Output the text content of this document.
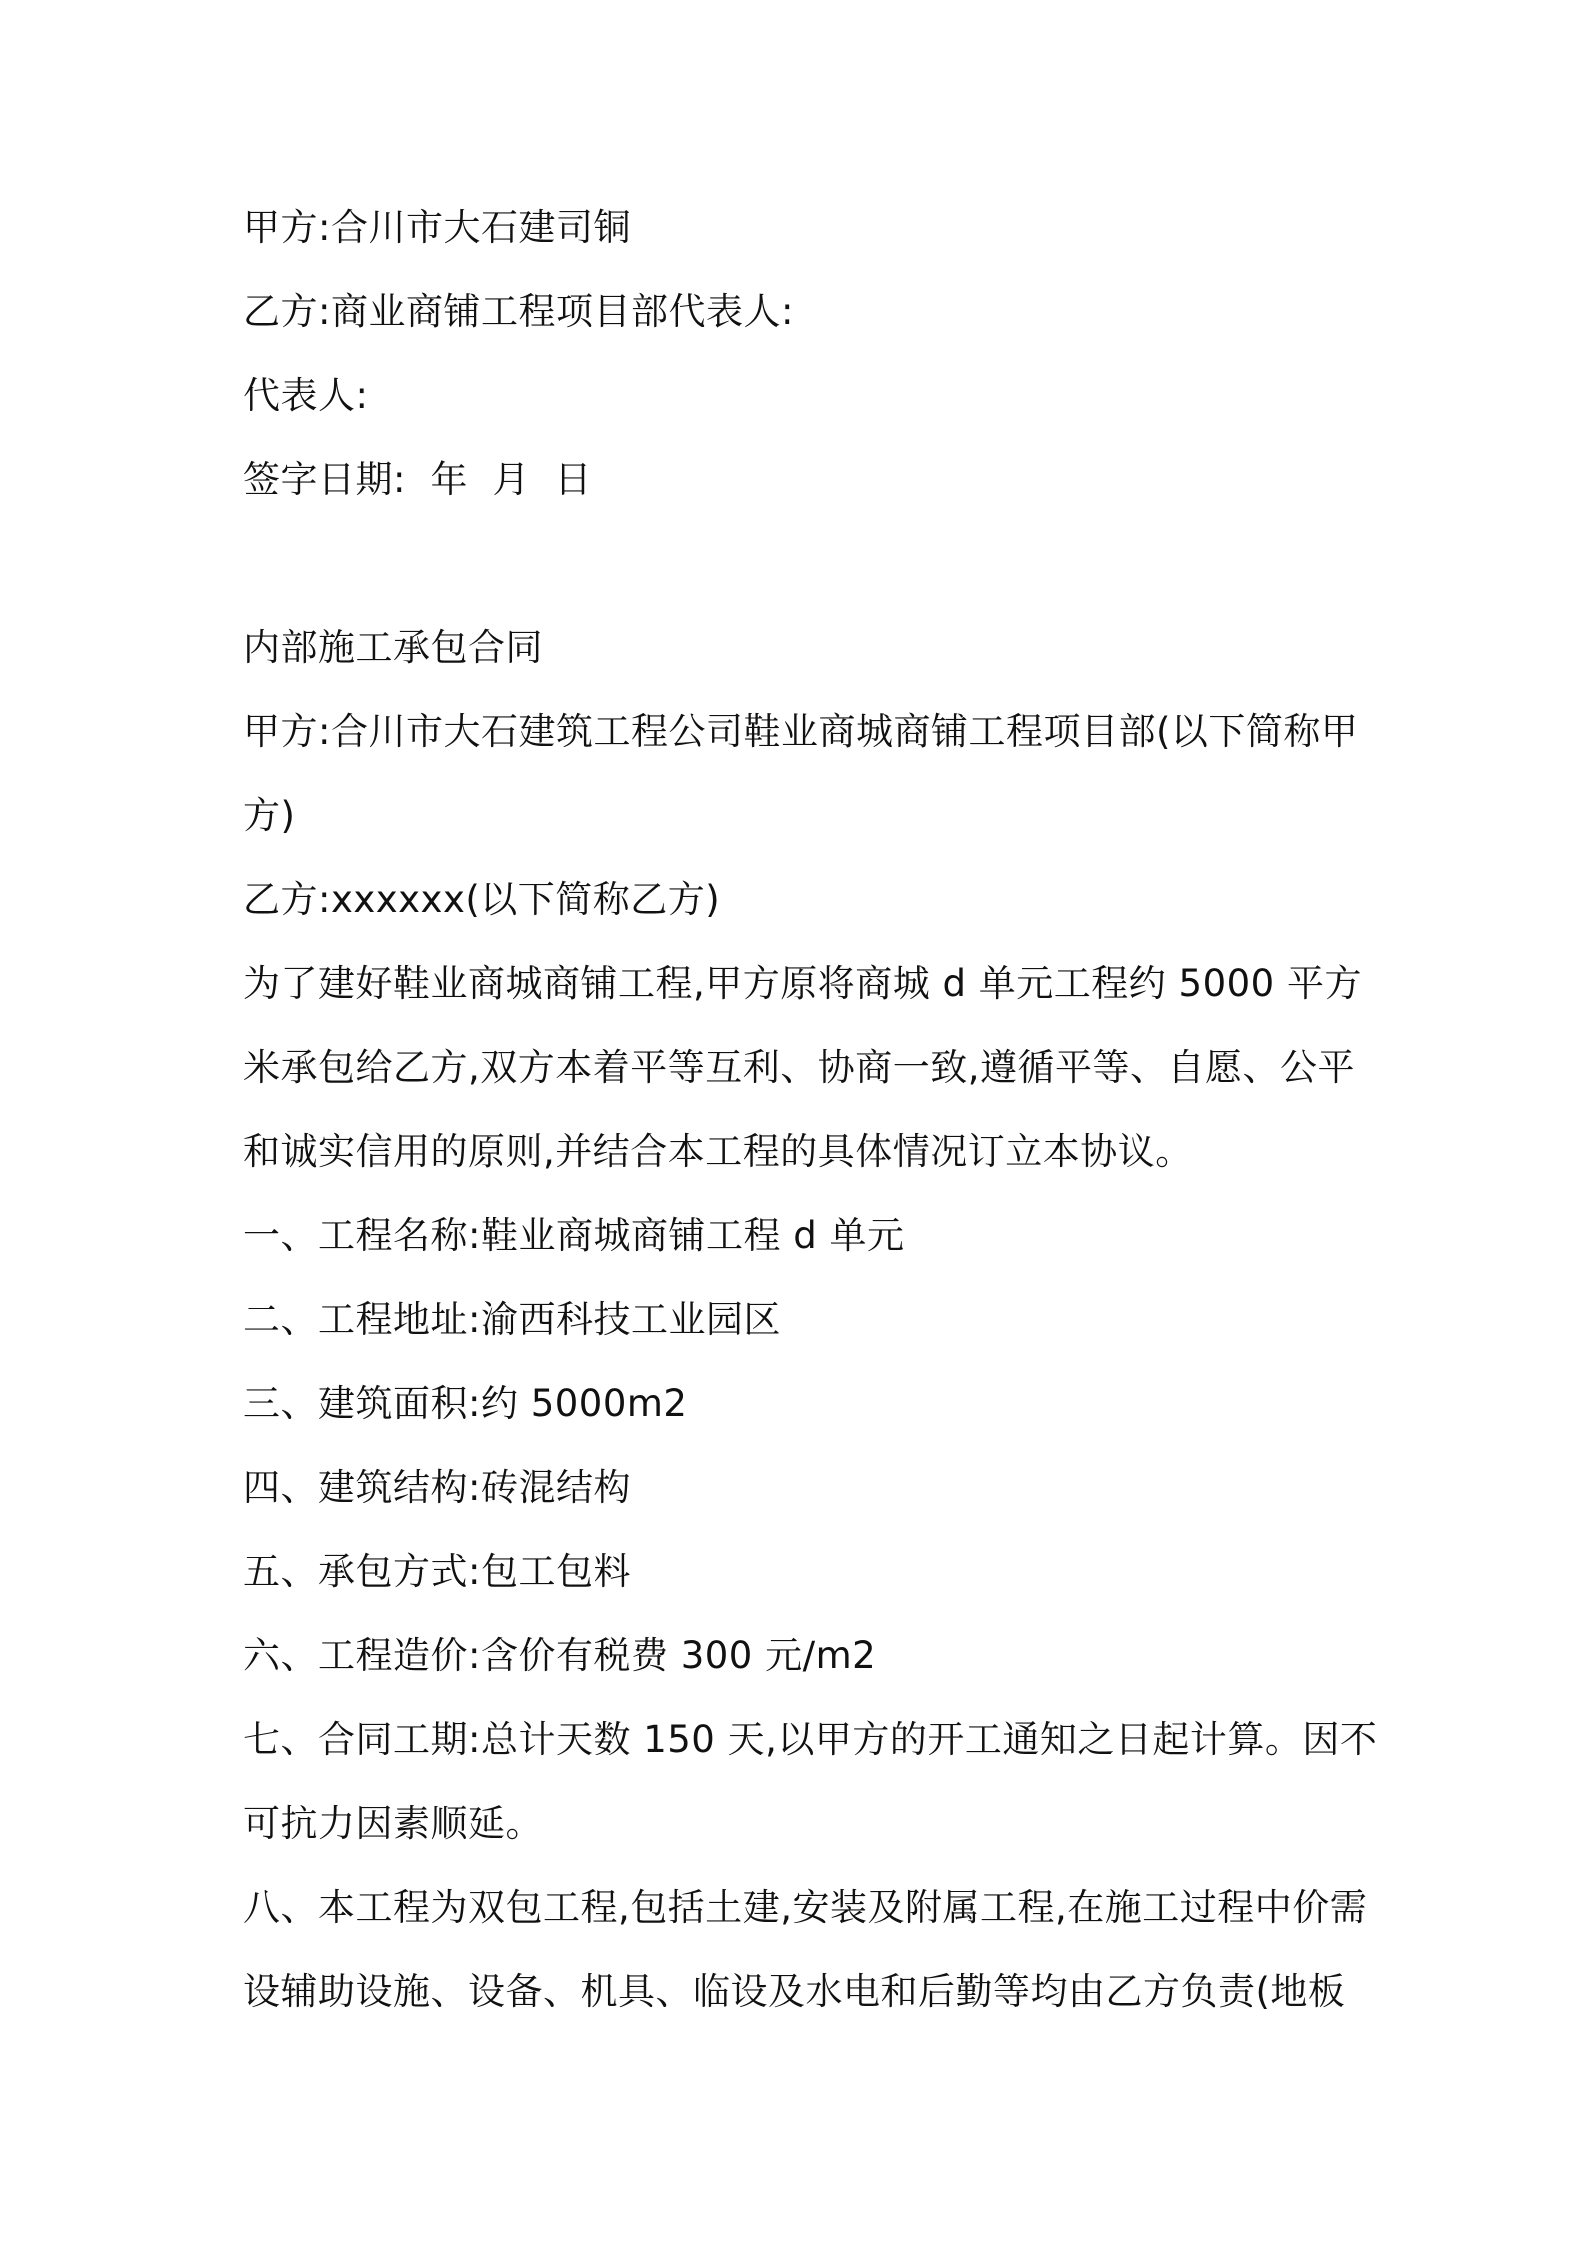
甲方:合川市大石建司铜
乙方:商业商铺工程项目部代表人:
代表人:
签字日期:  年  月  日
内部施工承包合同
甲方:合川市大石建筑工程公司鞋业商城商铺工程项目部(以下简称甲
方)
乙方:xxxxxx(以下简称乙方)
为了建好鞋业商城商铺工程,甲方原将商城 d 单元工程约 5000 平方
米承包给乙方,双方本着平等互利、协商一致,遵循平等、自愿、公平
和诚实信用的原则,并结合本工程的具体情况订立本协议。
一、工程名称:鞋业商城商铺工程 d 单元
二、工程地址:渝西科技工业园区
三、建筑面积:约 5000m2
四、建筑结构:砖混结构
五、承包方式:包工包料
六、工程造价:含价有税费 300 元/m2
七、合同工期:总计天数 150 天,以甲方的开工通知之日起计算。因不
可抗力因素顺延。
八、本工程为双包工程,包括土建,安装及附属工程,在施工过程中价需
设辅助设施、设备、机具、临设及水电和后勤等均由乙方负责(地板
